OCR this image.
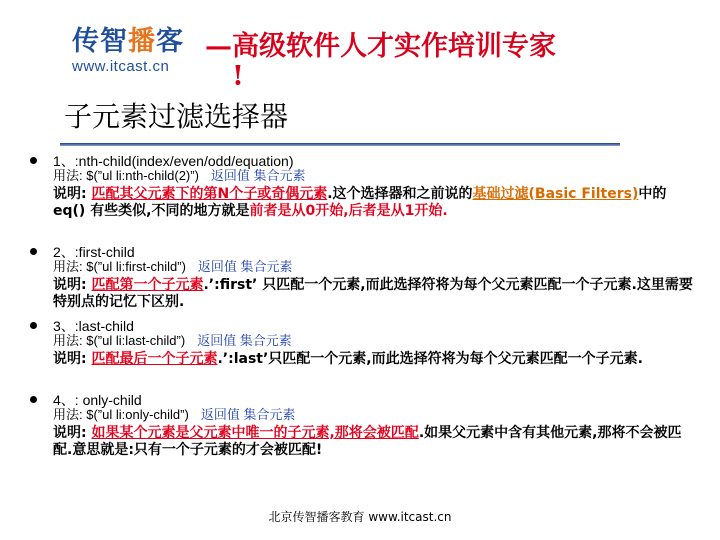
传智播客
www.itcast.cn
—高级软件人才实作培训专家
!
子元素过滤选择器
1、:nth-child(index/even/odd/equation)
用法: $(”ul li:nth-child(2)”) 返回值 集合元素
说明: 匹配其父元素下的第N个子或奇偶元素.这个选择器和之前说的基础过滤(Basic Filters)中的 eq() 有些类似,不同的地方就是前者是从0开始,后者是从1开始.
2、:first-child
用法: $(”ul li:first-child”) 返回值 集合元素
说明: 匹配第一个子元素.’:first’ 只匹配一个元素,而此选择符将为每个父元素匹配一个子元素.这里需要特别点的记忆下区别.
3、:last-child
用法: $(”ul li:last-child”) 返回值 集合元素
说明: 匹配最后一个子元素.’:last’只匹配一个元素,而此选择符将为每个父元素匹配一个子元素.
4、: only-child
用法: $(”ul li:only-child”) 返回值 集合元素
说明: 如果某个元素是父元素中唯一的子元素,那将会被匹配.如果父元素中含有其他元素,那将不会被匹配.意思就是:只有一个子元素的才会被匹配!
北京传智播客教育 www.itcast.cn
